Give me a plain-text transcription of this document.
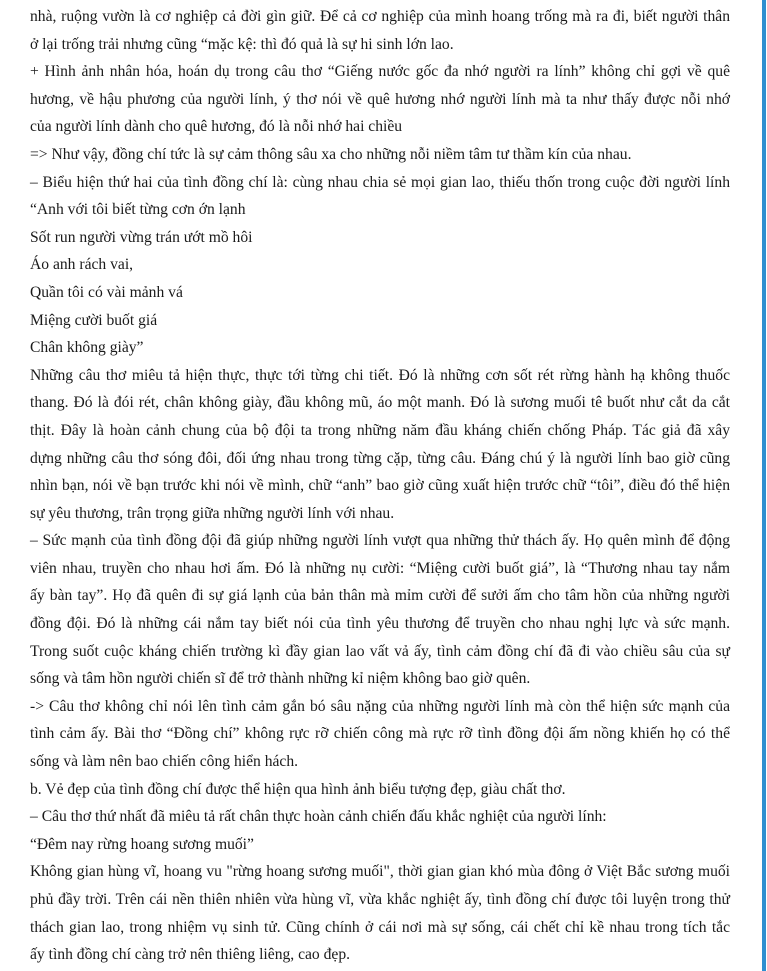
nhà, ruộng vườn là cơ nghiệp cả đời gìn giữ. Để cả cơ nghiệp của mình hoang trống mà ra đi, biết người thân
ở lại trống trải nhưng cũng “mặc kệ: thì đó quả là sự hi sinh lớn lao.
+ Hình ảnh nhân hóa, hoán dụ trong câu thơ “Giếng nước gốc đa nhớ người ra lính” không chỉ gợi về quê
hương, về hậu phương của người lính, ý thơ nói về quê hương nhớ người lính mà ta như thấy được nỗi nhớ
của người lính dành cho quê hương, đó là nỗi nhớ hai chiều
=> Như vậy, đồng chí tức là sự cảm thông sâu xa cho những nỗi niềm tâm tư thầm kín của nhau.
– Biểu hiện thứ hai của tình đồng chí là: cùng nhau chia sẻ mọi gian lao, thiếu thốn trong cuộc đời người lính
“Anh với tôi biết từng cơn ớn lạnh
Sốt run người vừng trán ướt mồ hôi
Áo anh rách vai,
Quần tôi có vài mảnh vá
Miệng cười buốt giá
Chân không giày”
Những câu thơ miêu tả hiện thực, thực tới từng chi tiết. Đó là những cơn sốt rét rừng hành hạ không thuốc
thang. Đó là đói rét, chân không giày, đầu không mũ, áo một manh. Đó là sương muối tê buốt như cắt da cắt
thịt. Đây là hoàn cảnh chung của bộ đội ta trong những năm đầu kháng chiến chống Pháp. Tác giả đã xây
dựng những câu thơ sóng đôi, đối ứng nhau trong từng cặp, từng câu. Đáng chú ý là người lính bao giờ cũng
nhìn bạn, nói về bạn trước khi nói về mình, chữ “anh” bao giờ cũng xuất hiện trước chữ “tôi”, điều đó thể hiện
sự yêu thương, trân trọng giữa những người lính với nhau.
– Sức mạnh của tình đồng đội đã giúp những người lính vượt qua những thử thách ấy. Họ quên mình để động
viên nhau, truyền cho nhau hơi ấm. Đó là những nụ cười: “Miệng cười buốt giá”, là “Thương nhau tay nắm
ấy bàn tay”. Họ đã quên đi sự giá lạnh của bản thân mà mỉm cười để sưởi ấm cho tâm hồn của những người
đồng đội. Đó là những cái nắm tay biết nói của tình yêu thương để truyền cho nhau nghị lực và sức mạnh.
Trong suốt cuộc kháng chiến trường kì đầy gian lao vất vả ấy, tình cảm đồng chí đã đi vào chiều sâu của sự
sống và tâm hồn người chiến sĩ để trở thành những kỉ niệm không bao giờ quên.
-> Câu thơ không chỉ nói lên tình cảm gắn bó sâu nặng của những người lính mà còn thể hiện sức mạnh của
tình cảm ấy. Bài thơ “Đồng chí” không rực rỡ chiến công mà rực rỡ tình đồng đội ấm nồng khiến họ có thể
sống và làm nên bao chiến công hiển hách.
b. Vẻ đẹp của tình đồng chí được thể hiện qua hình ảnh biểu tượng đẹp, giàu chất thơ.
– Câu thơ thứ nhất đã miêu tả rất chân thực hoàn cảnh chiến đấu khắc nghiệt của người lính:
“Đêm nay rừng hoang sương muối”
Không gian hùng vĩ, hoang vu "rừng hoang sương muối", thời gian gian khó mùa đông ở Việt Bắc sương muối
phủ đầy trời. Trên cái nền thiên nhiên vừa hùng vĩ, vừa khắc nghiệt ấy, tình đồng chí được tôi luyện trong thử
thách gian lao, trong nhiệm vụ sinh tử. Cũng chính ở cái nơi mà sự sống, cái chết chỉ kề nhau trong tích tắc
ấy tình đồng chí càng trở nên thiêng liêng, cao đẹp.
